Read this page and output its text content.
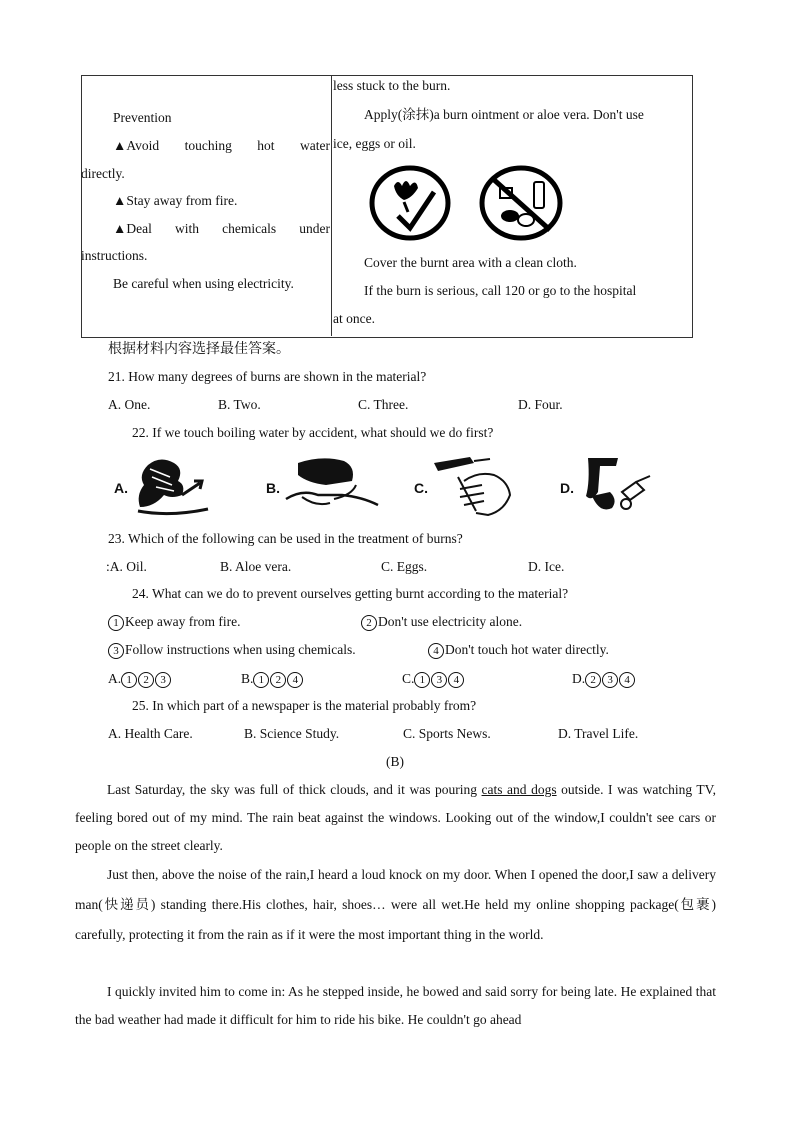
Prevention
▲Avoid touching hot water
directly.
▲Stay away from fire.
▲Deal with chemicals under
instructions.
Be careful when using electricity.
less stuck to the burn.
Apply(涂抹)a burn ointment or aloe vera. Don't use
ice, eggs or oil.
Cover the burnt area with a clean cloth.
If the burn is serious, call 120 or go to the hospital
at once.
根据材料内容选择最佳答案。
21. How many degrees of burns are shown in the material?
A. One.	B. Two.	C. Three.	D. Four.
22. If we touch boiling water by accident, what should we do first?
A.	B.	C.	D.
23. Which of the following can be used in the treatment of burns?
:A. Oil.	B. Aloe vera.	C. Eggs.	D. Ice.
24. What can we do to prevent ourselves getting burnt according to the material?
1 Keep away from fire.	2 Don't use electricity alone.
3 Follow instructions when using chemicals.	4 Don't touch hot water directly.
A. 1 2 3	B. 1 2 4	C. 1 3 4	D. 2 3 4
25. In which part of a newspaper is the material probably from?
A. Health Care.	B. Science Study.	C. Sports News.	D. Travel Life.
(B)

Last Saturday, the sky was full of thick clouds, and it was pouring cats and dogs outside. I was watching TV, feeling bored out of my mind. The rain beat against the windows. Looking out of the window,I couldn't see cars or people on the street clearly.

Just then, above the noise of the rain,I heard a loud knock on my door. When I opened the door,I saw a delivery man(快递员) standing there.His clothes, hair, shoes… were all wet.He held my online shopping package(包裹) carefully, protecting it from the rain as if it were the most important thing in the world.

I quickly invited him to come in: As he stepped inside, he bowed and said sorry for being late. He explained that the bad weather had made it difficult for him to ride his bike. He couldn't go ahead
